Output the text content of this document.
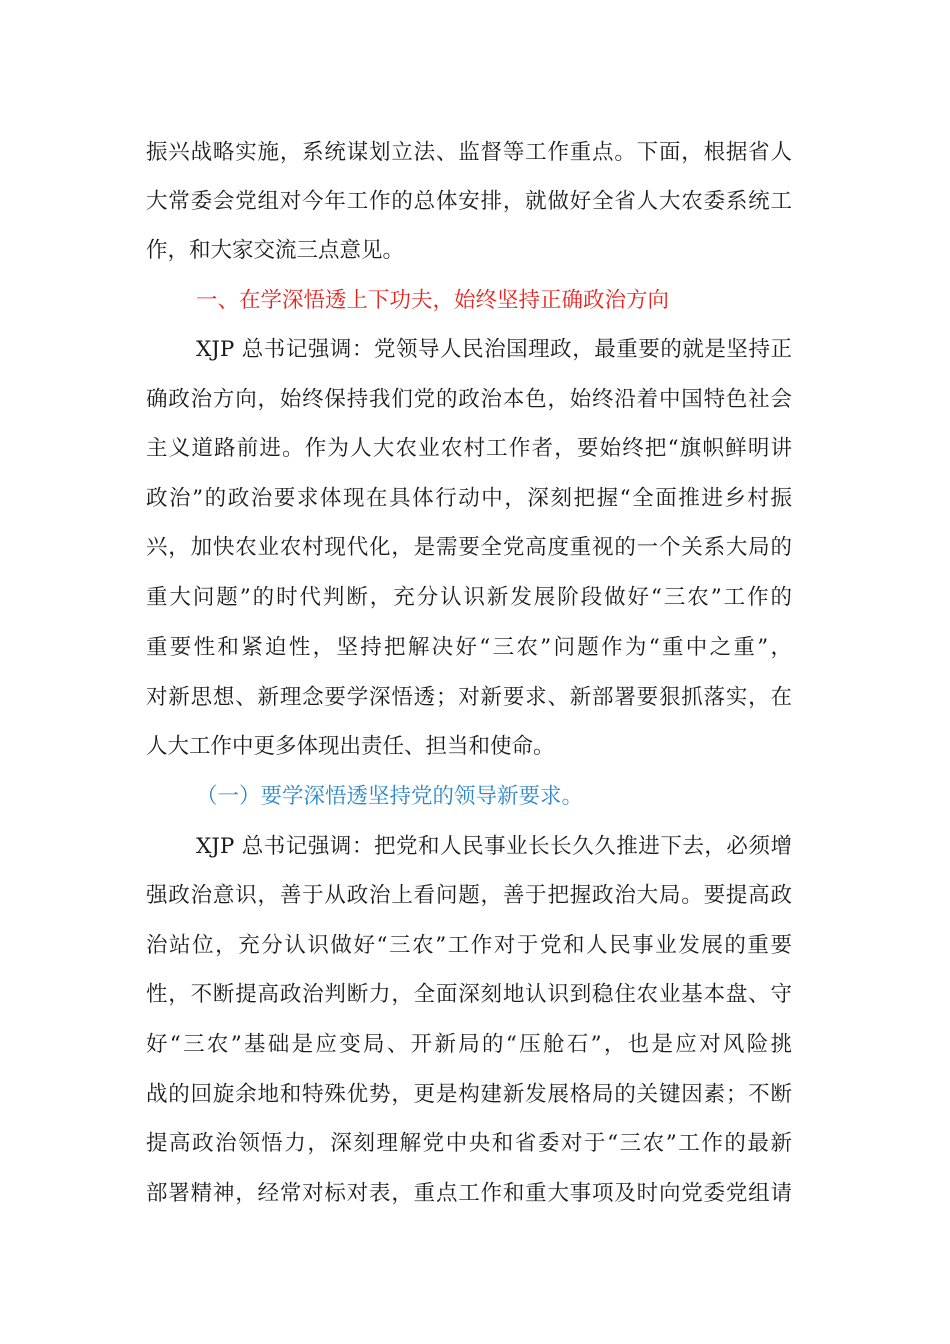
振兴战略实施，系统谋划立法、监督等工作重点。下面，根据省人
大常委会党组对今年工作的总体安排，就做好全省人大农委系统工
作，和大家交流三点意见。
一、在学深悟透上下功夫，始终坚持正确政治方向
XJP 总书记强调：党领导人民治国理政，最重要的就是坚持正
确政治方向，始终保持我们党的政治本色，始终沿着中国特色社会
主义道路前进。作为人大农业农村工作者，要始终把“旗帜鲜明讲
政治”的政治要求体现在具体行动中，深刻把握“全面推进乡村振
兴，加快农业农村现代化，是需要全党高度重视的一个关系大局的
重大问题”的时代判断，充分认识新发展阶段做好“三农”工作的
重要性和紧迫性，坚持把解决好“三农”问题作为“重中之重”，
对新思想、新理念要学深悟透；对新要求、新部署要狠抓落实，在
人大工作中更多体现出责任、担当和使命。
（一）要学深悟透坚持党的领导新要求。
XJP 总书记强调：把党和人民事业长长久久推进下去，必须增
强政治意识，善于从政治上看问题，善于把握政治大局。要提高政
治站位，充分认识做好“三农”工作对于党和人民事业发展的重要
性，不断提高政治判断力，全面深刻地认识到稳住农业基本盘、守
好“三农”基础是应变局、开新局的“压舱石”，也是应对风险挑
战的回旋余地和特殊优势，更是构建新发展格局的关键因素；不断
提高政治领悟力，深刻理解党中央和省委对于“三农”工作的最新
部署精神，经常对标对表，重点工作和重大事项及时向党委党组请
